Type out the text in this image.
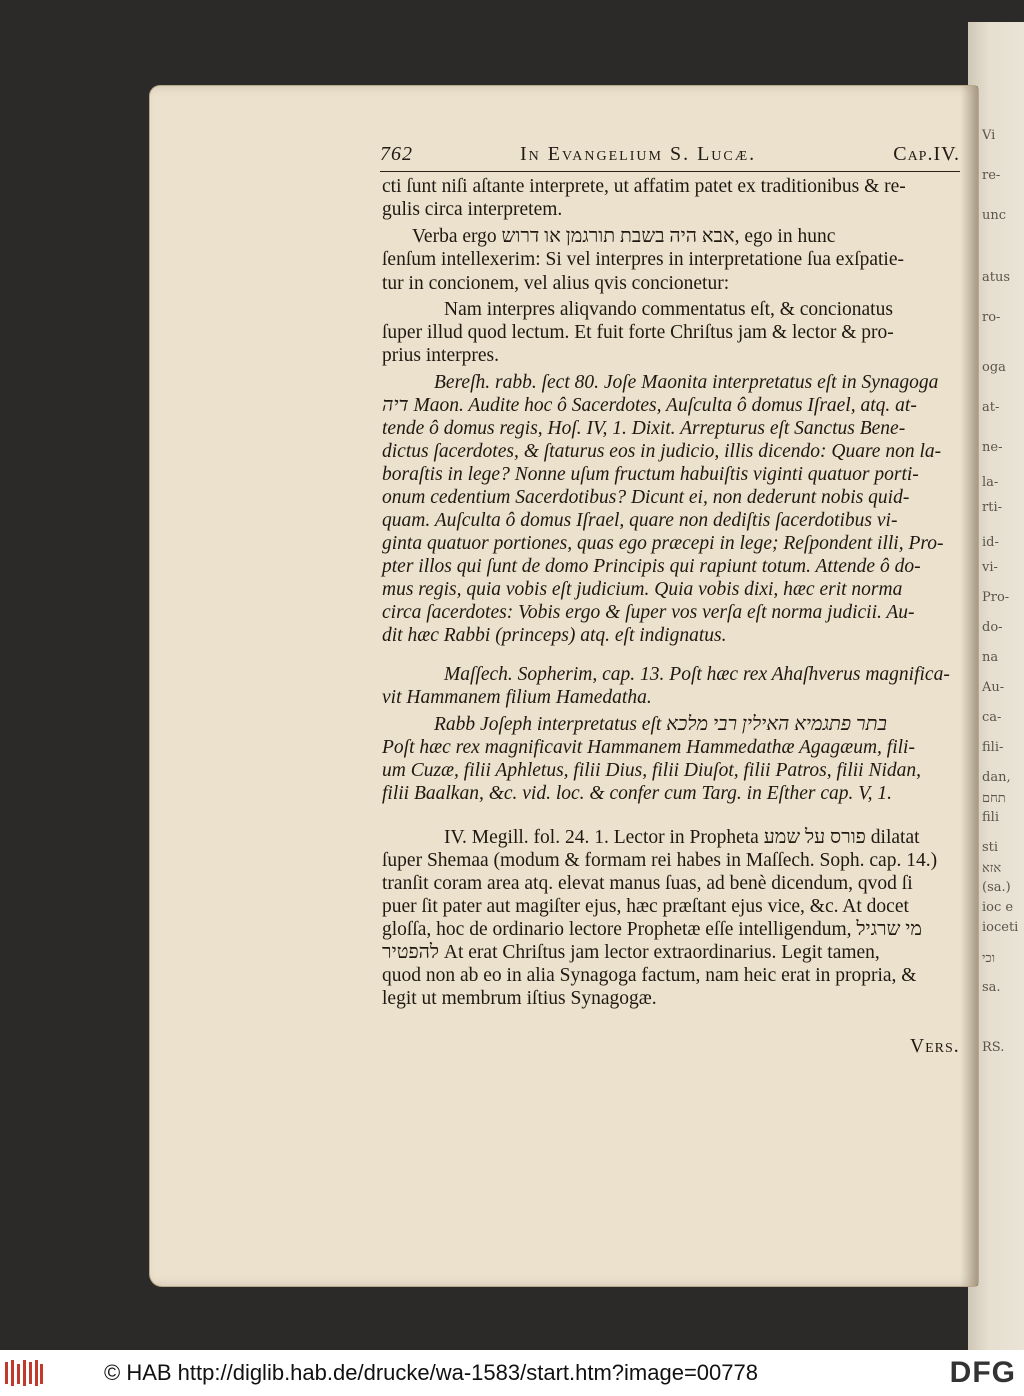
Vi
re-
unc
atus
ro-
oga
at-
ne-
la-
rti-
id-
vi-
Pro-
do-
na
Au-
ca-
fili-
dan,
תחם
fili
sti
אזא
(sa.)
ioc e
ioceti
וכי
sa.
RS.
762	In Evangelium S. Lucæ.	Cap.IV.
cti ſunt niſi aſtante interprete, ut affatim patet ex traditionibus & re-
gulis circa interpretem.
Verba ergo אבא היה בשבת תורגמן או דרוש, ego in hunc
ſenſum intellexerim: Si vel interpres in interpretatione ſua exſpatie-
tur in concionem, vel alius qvis concionetur:
Nam interpres aliqvando commentatus eſt, & concionatus
ſuper illud quod lectum. Et fuit forte Chriſtus jam & lector & pro-
prius interpres.
Bereſh. rabb. ſect 80. Joſe Maonita interpretatus eſt in Synagoga
דיה Maon. Audite hoc ô Sacerdotes, Auſculta ô domus Iſrael, atq. at-
tende ô domus regis, Hoſ. IV, 1. Dixit. Arrepturus eſt Sanctus Bene-
dictus ſacerdotes, & ſtaturus eos in judicio, illis dicendo: Quare non la-
boraſtis in lege? Nonne uſum fructum habuiſtis viginti quatuor porti-
onum cedentium Sacerdotibus? Dicunt ei, non dederunt nobis quid-
quam. Auſculta ô domus Iſrael, quare non dediſtis ſacerdotibus vi-
ginta quatuor portiones, quas ego præcepi in lege; Reſpondent illi, Pro-
pter illos qui ſunt de domo Principis qui rapiunt totum. Attende ô do-
mus regis, quia vobis eſt judicium. Quia vobis dixi, hæc erit norma
circa ſacerdotes: Vobis ergo & ſuper vos verſa eſt norma judicii. Au-
dit hæc Rabbi (princeps) atq. eſt indignatus.
Maſſech. Sopherim, cap. 13. Poſt hæc rex Ahaſhverus magnifica-
vit Hammanem filium Hamedatha.
Rabb Joſeph interpretatus eſt בתר פתגמיא האילין רבי מלכא
Poſt hæc rex magnificavit Hammanem Hammedathæ Agagæum, fili-
um Cuzæ, filii Aphletus, filii Dius, filii Diuſot, filii Patros, filii Nidan,
filii Baalkan, &c. vid. loc. & confer cum Targ. in Eſther cap. V, 1.
IV. Megill. fol. 24. 1. Lector in Propheta פורס על שמע dilatat
ſuper Shemaa (modum & formam rei habes in Maſſech. Soph. cap. 14.)
tranſit coram area atq. elevat manus ſuas, ad benè dicendum, qvod ſi
puer ſit pater aut magiſter ejus, hæc præſtant ejus vice, &c. At docet
gloſſa, hoc de ordinario lectore Prophetæ eſſe intelligendum, מי שרגיל
להפטיר At erat Chriſtus jam lector extraordinarius. Legit tamen,
quod non ab eo in alia Synagoga factum, nam heic erat in propria, &
legit ut membrum iſtius Synagogæ.
Vers.
© HAB http://diglib.hab.de/drucke/wa-1583/start.htm?image=00778	DFG
